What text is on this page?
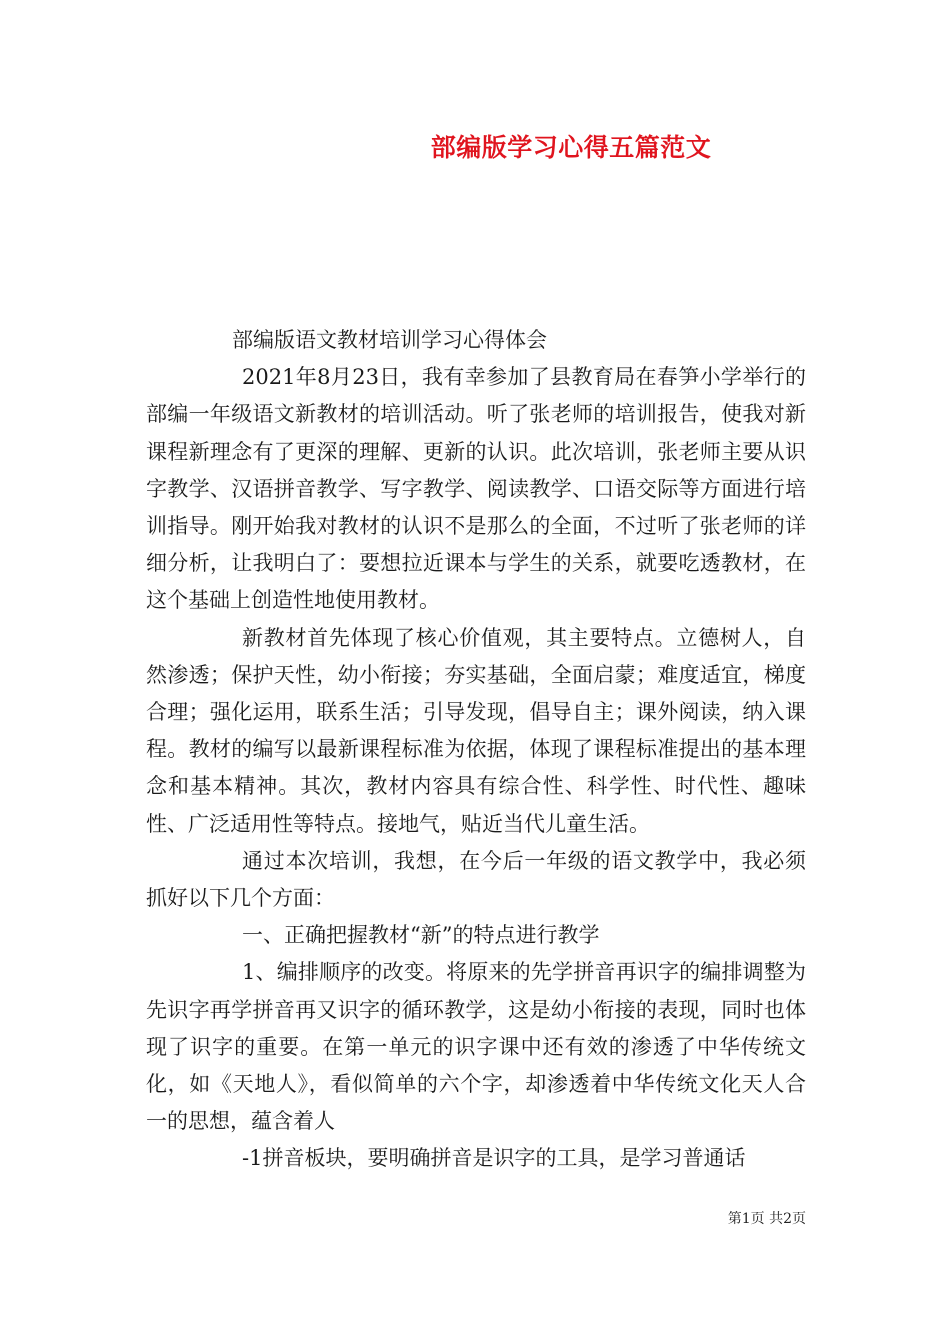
部编版学习心得五篇范文

部编版语文教材培训学习心得体会

2021年8月23日，我有幸参加了县教育局在春笋小学举行的部编一年级语文新教材的培训活动。听了张老师的培训报告，使我对新课程新理念有了更深的理解、更新的认识。此次培训，张老师主要从识字教学、汉语拼音教学、写字教学、阅读教学、口语交际等方面进行培训指导。刚开始我对教材的认识不是那么的全面，不过听了张老师的详细分析，让我明白了：要想拉近课本与学生的关系，就要吃透教材，在这个基础上创造性地使用教材。

新教材首先体现了核心价值观，其主要特点。立德树人，自然渗透；保护天性，幼小衔接；夯实基础，全面启蒙；难度适宜，梯度合理；强化运用，联系生活；引导发现，倡导自主；课外阅读，纳入课程。教材的编写以最新课程标准为依据，体现了课程标准提出的基本理念和基本精神。其次，教材内容具有综合性、科学性、时代性、趣味性、广泛适用性等特点。接地气，贴近当代儿童生活。

通过本次培训，我想，在今后一年级的语文教学中，我必须抓好以下几个方面：

一、正确把握教材“新”的特点进行教学

1、编排顺序的改变。将原来的先学拼音再识字的编排调整为先识字再学拼音再又识字的循环教学，这是幼小衔接的表现，同时也体现了识字的重要。在第一单元的识字课中还有效的渗透了中华传统文化，如《天地人》，看似简单的六个字，却渗透着中华传统文化天人合一的思想，蕴含着人

-1拼音板块，要明确拼音是识字的工具，是学习普通话

第1页 共2页
